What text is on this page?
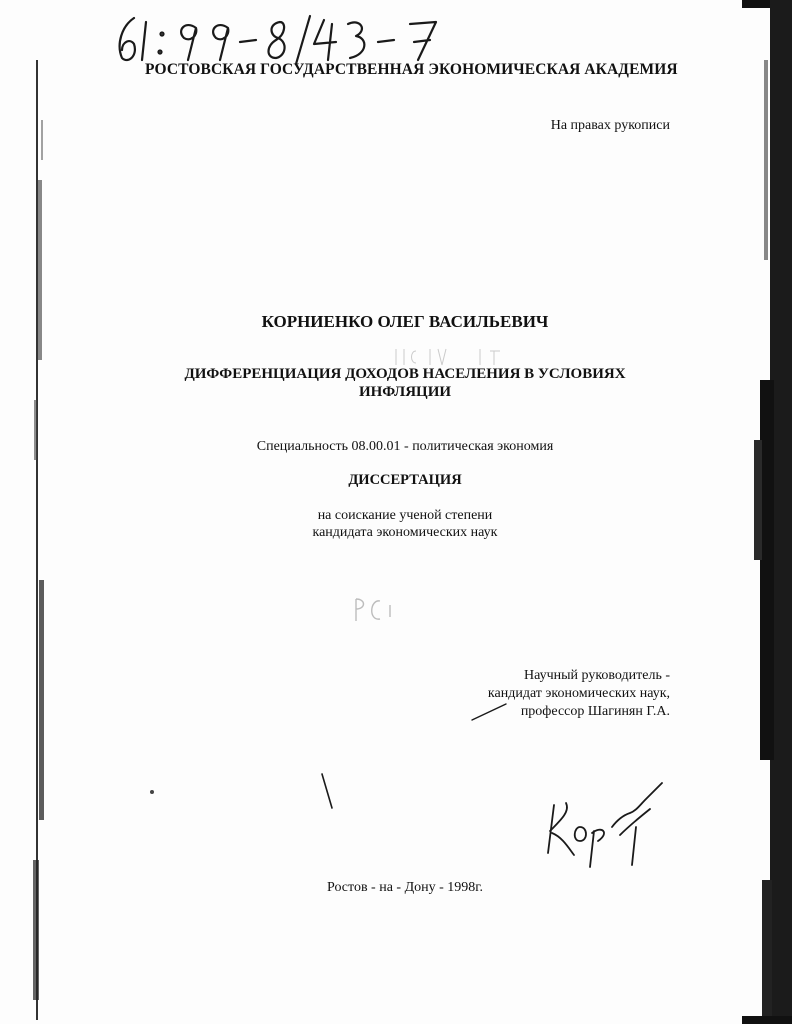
РОСТОВСКАЯ ГОСУДАРСТВЕННАЯ ЭКОНОМИЧЕСКАЯ АКАДЕМИЯ
На правах рукописи
КОРНИЕНКО ОЛЕГ ВАСИЛЬЕВИЧ
ДИФФЕРЕНЦИАЦИЯ ДОХОДОВ НАСЕЛЕНИЯ В УСЛОВИЯХ
ИНФЛЯЦИИ
Специальность 08.00.01 - политическая экономия
ДИССЕРТАЦИЯ
на соискание ученой степени
кандидата экономических наук
Научный руководитель -
кандидат экономических наук,
профессор Шагинян Г.А.
Ростов - на - Дону - 1998г.
